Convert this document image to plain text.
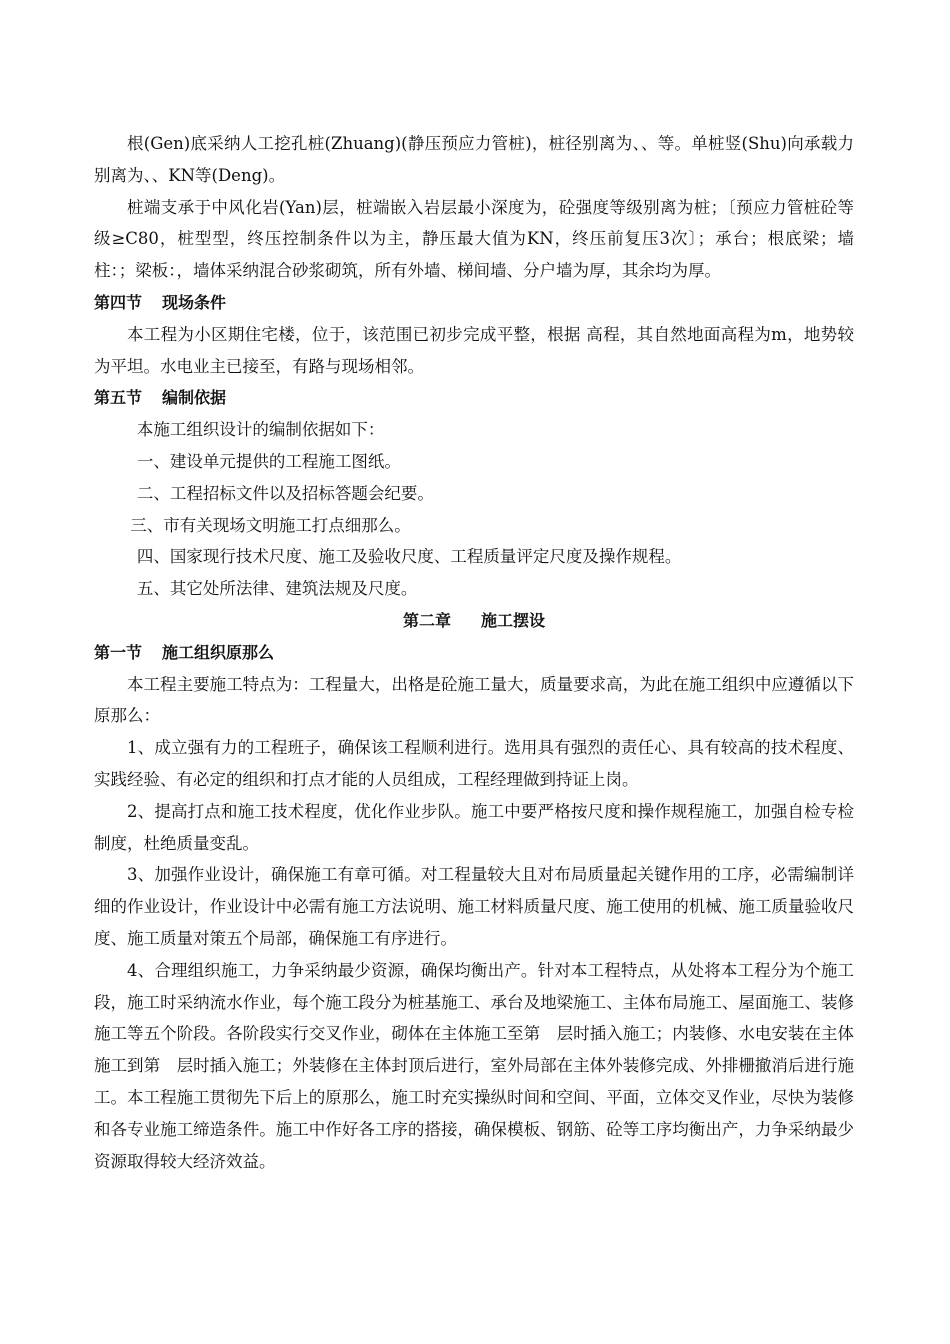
根(Gen)底采纳人工挖孔桩(Zhuang)(静压预应力管桩)，桩径别离为、、等。单桩竖(Shu)向承载力别离为、、KN等(Deng)。

桩端支承于中风化岩(Yan)层，桩端嵌入岩层最小深度为，砼强度等级别离为桩；〔预应力管桩砼等级≥C80，桩型型，终压控制条件以为主，静压最大值为KN，终压前复压3次〕；承台；根底梁；墙柱：；梁板：，墙体采纳混合砂浆砌筑，所有外墙、梯间墙、分户墙为厚，其余均为厚。

第四节 现场条件

本工程为小区期住宅楼，位于，该范围已初步完成平整，根据 高程，其自然地面高程为m，地势较为平坦。水电业主已接至，有路与现场相邻。

第五节 编制依据

本施工组织设计的编制依据如下：

一、建设单元提供的工程施工图纸。

二、工程招标文件以及招标答题会纪要。

三、市有关现场文明施工打点细那么。

四、国家现行技术尺度、施工及验收尺度、工程质量评定尺度及操作规程。

五、其它处所法律、建筑法规及尺度。

第二章 施工摆设
第一节 施工组织原那么

本工程主要施工特点为：工程量大，出格是砼施工量大，质量要求高，为此在施工组织中应遵循以下原那么：

1、成立强有力的工程班子，确保该工程顺利进行。选用具有强烈的责任心、具有较高的技术程度、实践经验、有必定的组织和打点才能的人员组成，工程经理做到持证上岗。

2、提高打点和施工技术程度，优化作业步队。施工中要严格按尺度和操作规程施工，加强自检专检制度，杜绝质量变乱。

3、加强作业设计，确保施工有章可循。对工程量较大且对布局质量起关键作用的工序，必需编制详细的作业设计，作业设计中必需有施工方法说明、施工材料质量尺度、施工使用的机械、施工质量验收尺度、施工质量对策五个局部，确保施工有序进行。

4、合理组织施工，力争采纳最少资源，确保均衡出产。针对本工程特点，从处将本工程分为个施工段，施工时采纳流水作业，每个施工段分为桩基施工、承台及地梁施工、主体布局施工、屋面施工、装修施工等五个阶段。各阶段实行交叉作业，砌体在主体施工至第　层时插入施工；内装修、水电安装在主体施工到第　层时插入施工；外装修在主体封顶后进行，室外局部在主体外装修完成、外排栅撤消后进行施工。本工程施工贯彻先下后上的原那么，施工时充实操纵时间和空间、平面，立体交叉作业，尽快为装修和各专业施工缔造条件。施工中作好各工序的搭接，确保模板、钢筋、砼等工序均衡出产，力争采纳最少资源取得较大经济效益。
